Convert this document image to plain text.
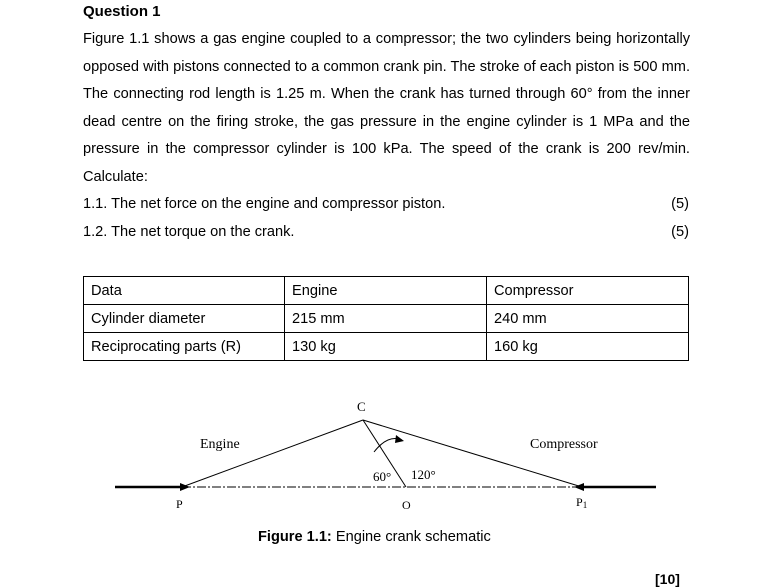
Question 1
Figure 1.1 shows a gas engine coupled to a compressor; the two cylinders being horizontally opposed with pistons connected to a common crank pin. The stroke of each piston is 500 mm. The connecting rod length is 1.25 m. When the crank has turned through 60° from the inner dead centre on the firing stroke, the gas pressure in the engine cylinder is 1 MPa and the pressure in the compressor cylinder is 100 kPa. The speed of the crank is 200 rev/min. Calculate:
1.1. The net force on the engine and compressor piston.	(5)
1.2. The net torque on the crank.	(5)
Data	Engine	Compressor
Cylinder diameter	215 mm	240 mm
Reciprocating parts (R)	130 kg	160 kg
C
Engine	Compressor
60° 120°
P	O	P1
Figure 1.1: Engine crank schematic
[10]
